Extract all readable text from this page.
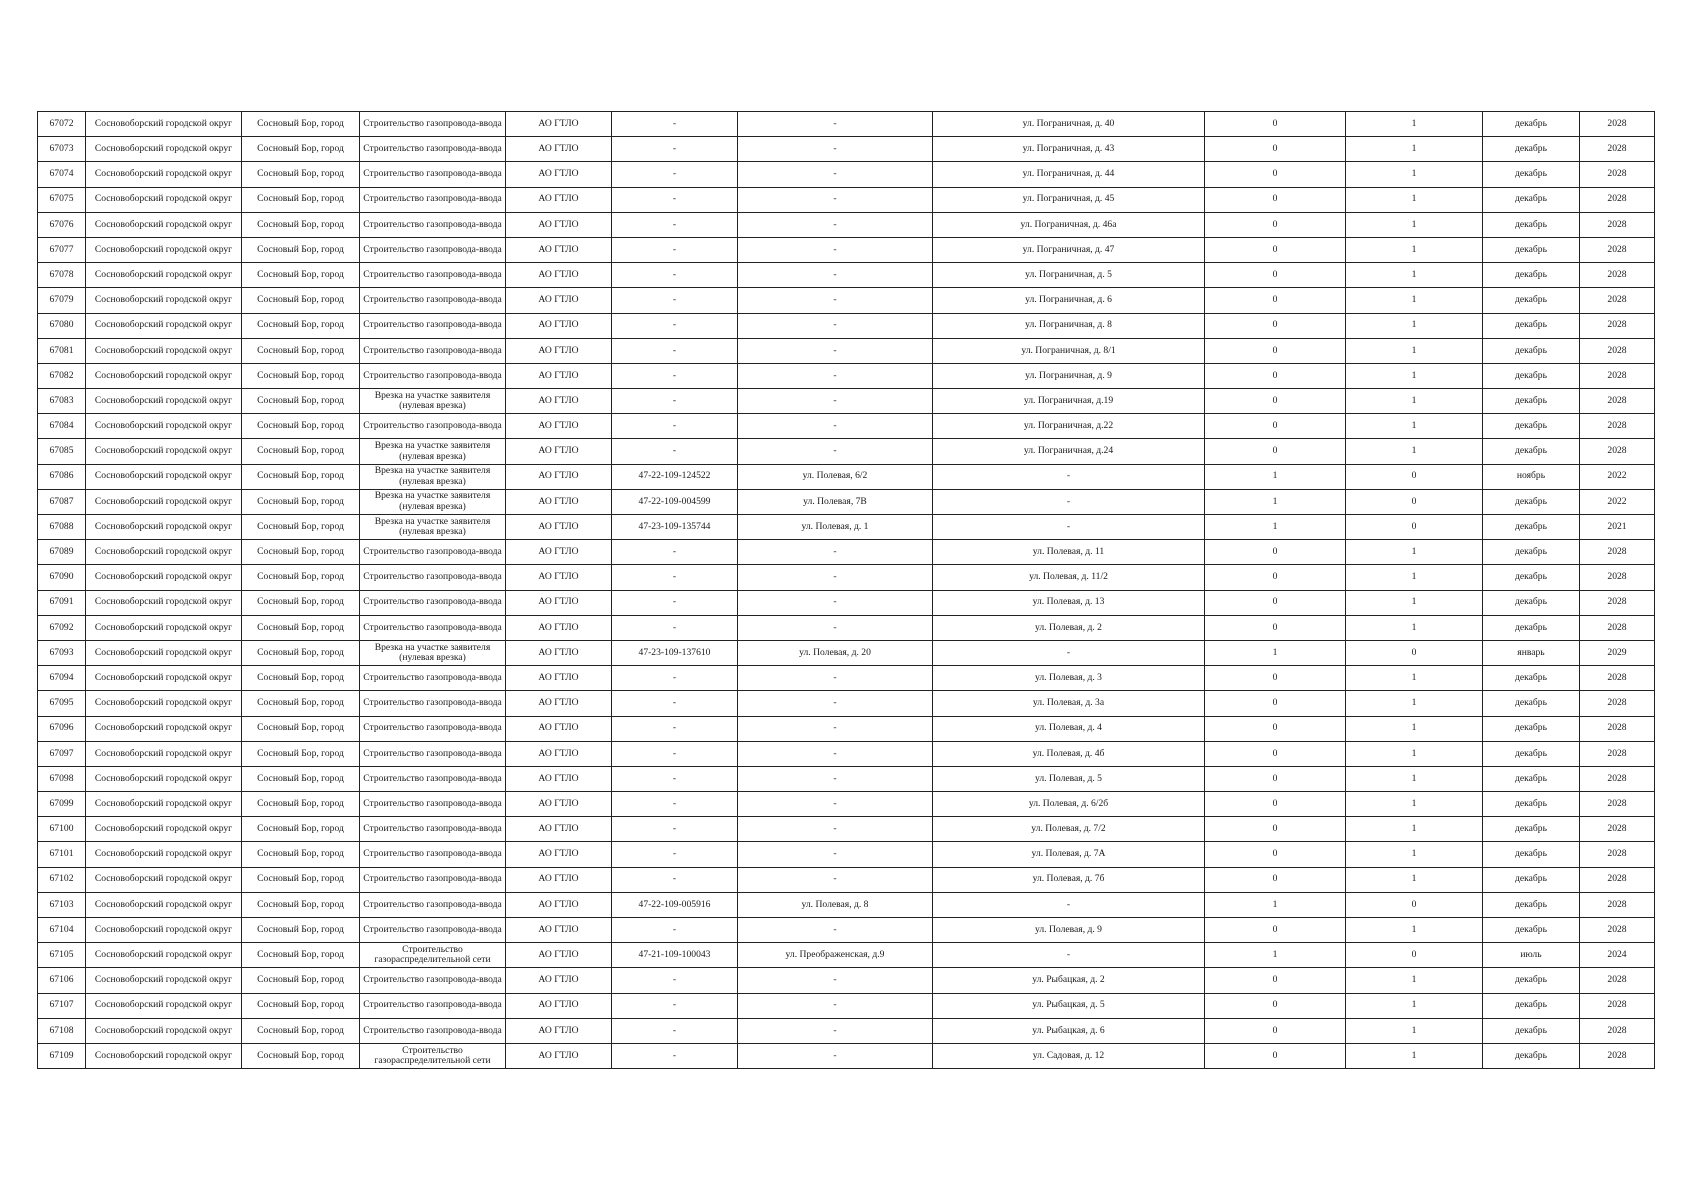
67072	Сосновоборский городской округ	Сосновый Бор, город	Строительство газопровода-ввода	АО ГТЛО	-	-	ул. Пограничная, д. 40	0	1	декабрь	2028
67073	Сосновоборский городской округ	Сосновый Бор, город	Строительство газопровода-ввода	АО ГТЛО	-	-	ул. Пограничная, д. 43	0	1	декабрь	2028
67074	Сосновоборский городской округ	Сосновый Бор, город	Строительство газопровода-ввода	АО ГТЛО	-	-	ул. Пограничная, д. 44	0	1	декабрь	2028
67075	Сосновоборский городской округ	Сосновый Бор, город	Строительство газопровода-ввода	АО ГТЛО	-	-	ул. Пограничная, д. 45	0	1	декабрь	2028
67076	Сосновоборский городской округ	Сосновый Бор, город	Строительство газопровода-ввода	АО ГТЛО	-	-	ул. Пограничная, д. 46а	0	1	декабрь	2028
67077	Сосновоборский городской округ	Сосновый Бор, город	Строительство газопровода-ввода	АО ГТЛО	-	-	ул. Пограничная, д. 47	0	1	декабрь	2028
67078	Сосновоборский городской округ	Сосновый Бор, город	Строительство газопровода-ввода	АО ГТЛО	-	-	ул. Пограничная, д. 5	0	1	декабрь	2028
67079	Сосновоборский городской округ	Сосновый Бор, город	Строительство газопровода-ввода	АО ГТЛО	-	-	ул. Пограничная, д. 6	0	1	декабрь	2028
67080	Сосновоборский городской округ	Сосновый Бор, город	Строительство газопровода-ввода	АО ГТЛО	-	-	ул. Пограничная, д. 8	0	1	декабрь	2028
67081	Сосновоборский городской округ	Сосновый Бор, город	Строительство газопровода-ввода	АО ГТЛО	-	-	ул. Пограничная, д. 8/1	0	1	декабрь	2028
67082	Сосновоборский городской округ	Сосновый Бор, город	Строительство газопровода-ввода	АО ГТЛО	-	-	ул. Пограничная, д. 9	0	1	декабрь	2028
67083	Сосновоборский городской округ	Сосновый Бор, город	Врезка на участке заявителя (нулевая врезка)	АО ГТЛО	-	-	ул. Пограничная, д.19	0	1	декабрь	2028
67084	Сосновоборский городской округ	Сосновый Бор, город	Строительство газопровода-ввода	АО ГТЛО	-	-	ул. Пограничная, д.22	0	1	декабрь	2028
67085	Сосновоборский городской округ	Сосновый Бор, город	Врезка на участке заявителя (нулевая врезка)	АО ГТЛО	-	-	ул. Пограничная, д.24	0	1	декабрь	2028
67086	Сосновоборский городской округ	Сосновый Бор, город	Врезка на участке заявителя (нулевая врезка)	АО ГТЛО	47-22-109-124522	ул. Полевая, 6/2	-	1	0	ноябрь	2022
67087	Сосновоборский городской округ	Сосновый Бор, город	Врезка на участке заявителя (нулевая врезка)	АО ГТЛО	47-22-109-004599	ул. Полевая, 7В	-	1	0	декабрь	2022
67088	Сосновоборский городской округ	Сосновый Бор, город	Врезка на участке заявителя (нулевая врезка)	АО ГТЛО	47-23-109-135744	ул. Полевая, д. 1	-	1	0	декабрь	2021
67089	Сосновоборский городской округ	Сосновый Бор, город	Строительство газопровода-ввода	АО ГТЛО	-	-	ул. Полевая, д. 11	0	1	декабрь	2028
67090	Сосновоборский городской округ	Сосновый Бор, город	Строительство газопровода-ввода	АО ГТЛО	-	-	ул. Полевая, д. 11/2	0	1	декабрь	2028
67091	Сосновоборский городской округ	Сосновый Бор, город	Строительство газопровода-ввода	АО ГТЛО	-	-	ул. Полевая, д. 13	0	1	декабрь	2028
67092	Сосновоборский городской округ	Сосновый Бор, город	Строительство газопровода-ввода	АО ГТЛО	-	-	ул. Полевая, д. 2	0	1	декабрь	2028
67093	Сосновоборский городской округ	Сосновый Бор, город	Врезка на участке заявителя (нулевая врезка)	АО ГТЛО	47-23-109-137610	ул. Полевая, д. 20	-	1	0	январь	2029
67094	Сосновоборский городской округ	Сосновый Бор, город	Строительство газопровода-ввода	АО ГТЛО	-	-	ул. Полевая, д. 3	0	1	декабрь	2028
67095	Сосновоборский городской округ	Сосновый Бор, город	Строительство газопровода-ввода	АО ГТЛО	-	-	ул. Полевая, д. 3а	0	1	декабрь	2028
67096	Сосновоборский городской округ	Сосновый Бор, город	Строительство газопровода-ввода	АО ГТЛО	-	-	ул. Полевая, д. 4	0	1	декабрь	2028
67097	Сосновоборский городской округ	Сосновый Бор, город	Строительство газопровода-ввода	АО ГТЛО	-	-	ул. Полевая, д. 4б	0	1	декабрь	2028
67098	Сосновоборский городской округ	Сосновый Бор, город	Строительство газопровода-ввода	АО ГТЛО	-	-	ул. Полевая, д. 5	0	1	декабрь	2028
67099	Сосновоборский городской округ	Сосновый Бор, город	Строительство газопровода-ввода	АО ГТЛО	-	-	ул. Полевая, д. 6/2б	0	1	декабрь	2028
67100	Сосновоборский городской округ	Сосновый Бор, город	Строительство газопровода-ввода	АО ГТЛО	-	-	ул. Полевая, д. 7/2	0	1	декабрь	2028
67101	Сосновоборский городской округ	Сосновый Бор, город	Строительство газопровода-ввода	АО ГТЛО	-	-	ул. Полевая, д. 7А	0	1	декабрь	2028
67102	Сосновоборский городской округ	Сосновый Бор, город	Строительство газопровода-ввода	АО ГТЛО	-	-	ул. Полевая, д. 7б	0	1	декабрь	2028
67103	Сосновоборский городской округ	Сосновый Бор, город	Строительство газопровода-ввода	АО ГТЛО	47-22-109-005916	ул. Полевая, д. 8	-	1	0	декабрь	2028
67104	Сосновоборский городской округ	Сосновый Бор, город	Строительство газопровода-ввода	АО ГТЛО	-	-	ул. Полевая, д. 9	0	1	декабрь	2028
67105	Сосновоборский городской округ	Сосновый Бор, город	Строительство газораспределительной сети	АО ГТЛО	47-21-109-100043	ул. Преображенская, д.9	-	1	0	июль	2024
67106	Сосновоборский городской округ	Сосновый Бор, город	Строительство газопровода-ввода	АО ГТЛО	-	-	ул. Рыбацкая, д. 2	0	1	декабрь	2028
67107	Сосновоборский городской округ	Сосновый Бор, город	Строительство газопровода-ввода	АО ГТЛО	-	-	ул. Рыбацкая, д. 5	0	1	декабрь	2028
67108	Сосновоборский городской округ	Сосновый Бор, город	Строительство газопровода-ввода	АО ГТЛО	-	-	ул. Рыбацкая, д. 6	0	1	декабрь	2028
67109	Сосновоборский городской округ	Сосновый Бор, город	Строительство газораспределительной сети	АО ГТЛО	-	-	ул. Садовая, д. 12	0	1	декабрь	2028
